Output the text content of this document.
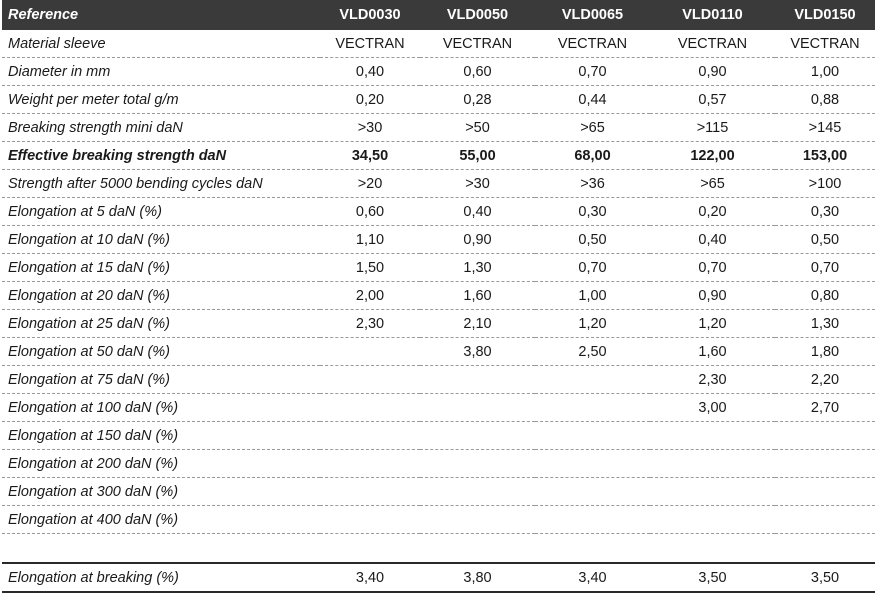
Reference	VLD0030	VLD0050	VLD0065	VLD0110	VLD0150
Material sleeve	VECTRAN	VECTRAN	VECTRAN	VECTRAN	VECTRAN
Diameter in mm	0,40	0,60	0,70	0,90	1,00
Weight per meter total g/m	0,20	0,28	0,44	0,57	0,88
Breaking strength mini daN	>30	>50	>65	>115	>145
Effective breaking strength daN	34,50	55,00	68,00	122,00	153,00
Strength after 5000 bending cycles daN	>20	>30	>36	>65	>100
Elongation at 5 daN (%)	0,60	0,40	0,30	0,20	0,30
Elongation at 10 daN (%)	1,10	0,90	0,50	0,40	0,50
Elongation at 15 daN (%)	1,50	1,30	0,70	0,70	0,70
Elongation at 20 daN (%)	2,00	1,60	1,00	0,90	0,80
Elongation at 25 daN (%)	2,30	2,10	1,20	1,20	1,30
Elongation at 50 daN (%)		3,80	2,50	1,60	1,80
Elongation at 75 daN (%)				2,30	2,20
Elongation at 100 daN (%)				3,00	2,70
Elongation at 150 daN (%)					
Elongation at 200 daN (%)					
Elongation at 300 daN (%)					
Elongation at 400 daN (%)					

Elongation at breaking (%)	3,40	3,80	3,40	3,50	3,50
